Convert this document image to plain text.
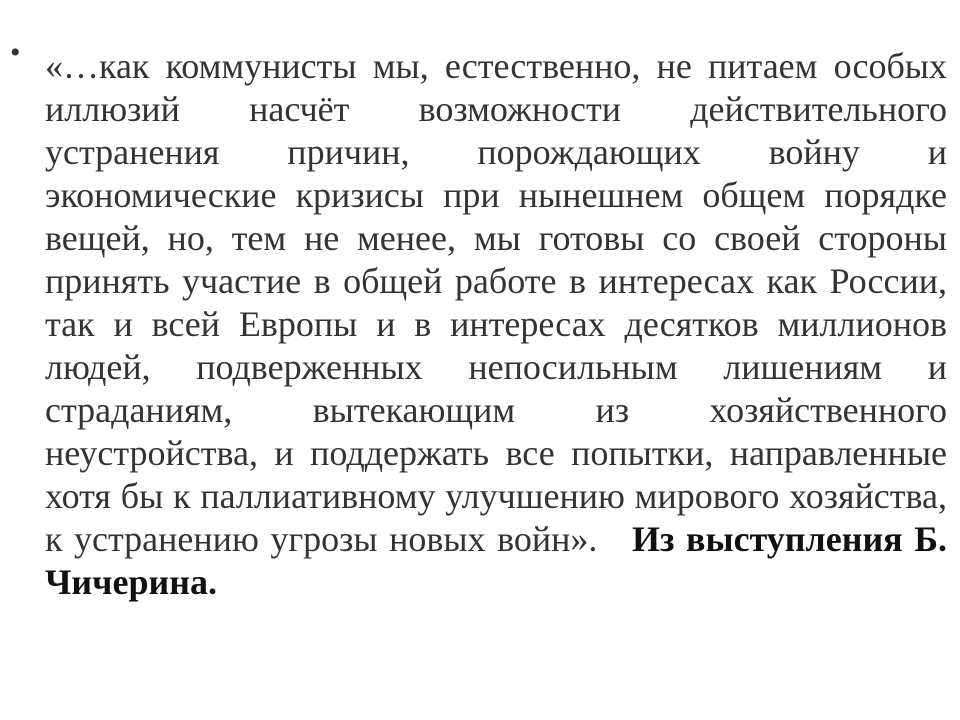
• «…как коммунисты мы, естественно, не питаем особых иллюзий насчёт возможности действительного устранения причин, порождающих войну и экономические кризисы при нынешнем общем порядке вещей, но, тем не менее, мы готовы со своей стороны принять участие в общей работе в интересах как России, так и всей Европы и в интересах десятков миллионов людей, подверженных непосильным лишениям и страданиям, вытекающим из хозяйственного неустройства, и поддержать все попытки, направленные хотя бы к паллиативному улучшению мирового хозяйства, к устранению угрозы новых войн». Из выступления Б. Чичерина.
